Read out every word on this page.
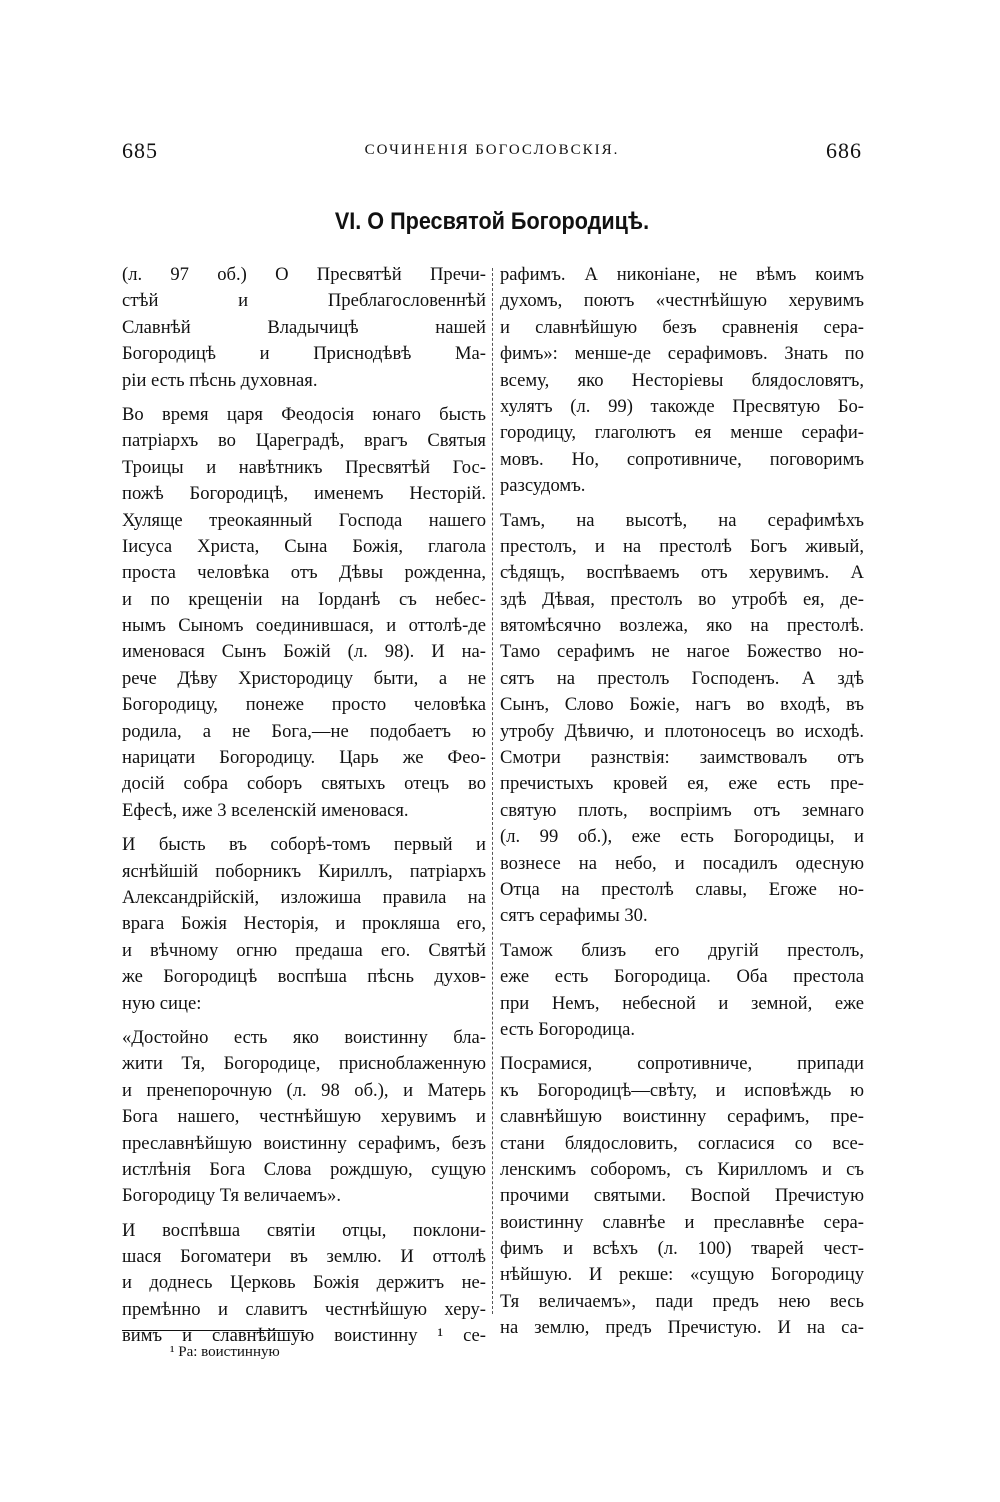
685	СОЧИНЕНІЯ БОГОСЛОВСКІЯ.	686
VI. О Пресвятой Богородицѣ.
(л. 97 об.) О Пресвятѣй Пречи-
стѣй и Преблагословеннѣй
Славнѣй Владычицѣ нашей
Богородицѣ и Приснодѣвѣ Ма-
ріи есть пѣснь духовная.
Во время царя Феодосія юнаго бысть
патріархъ во Цареградѣ, врагъ Святыя
Троицы и навѣтникъ Пресвятѣй Гос-
пожѣ Богородицѣ, именемъ Несторій.
Хуляще треокаянный Господа нашего
Іисуса Христа, Сына Божія, глагола
проста человѣка отъ Дѣвы рожденна,
и по крещеніи на Іорданѣ съ небес-
нымъ Сыномъ соединившася, и оттолѣ-де
именовася Сынъ Божій (л. 98). И на-
рече Дѣву Христородицу быти, а не
Богородицу, понеже просто человѣка
родила, а не Бога,—не подобаетъ ю
нарицати Богородицу. Царь же Фео-
досій собра соборъ святыхъ отецъ во
Ефесѣ, иже 3 вселенскій именовася.
И бысть въ соборѣ-томъ первый и
яснѣйшій поборникъ Кириллъ, патріархъ
Александрійскій, изложиша правила на
врага Божія Несторія, и прокляша его,
и вѣчному огню предаша его. Святѣй
же Богородицѣ воспѣша пѣснь духов-
ную сице:
«Достойно есть яко воистинну бла-
жити Тя, Богородице, присноблаженную
и пренепорочную (л. 98 об.), и Матерь
Бога нашего, честнѣйшую херувимъ и
преславнѣйшую воистинну серафимъ, безъ
истлѣнія Бога Слова рождшую, сущую
Богородицу Тя величаемъ».
И воспѣвша святіи отцы, поклони-
шася Богоматери въ землю. И оттолѣ
и доднесь Церковь Божія держитъ не-
премѣнно и славитъ честнѣйшую херу-
вимъ и славнѣйшую воистинну ¹ се-
рафимъ. А никоніане, не вѣмъ коимъ
духомъ, поютъ «честнѣйшую херувимъ
и славнѣйшую безъ сравненія сера-
фимъ»: менше-де серафимовъ. Знать по
всему, яко Несторіевы блядословятъ,
хулятъ (л. 99) такожде Пресвятую Бо-
городицу, глаголютъ ея менше серафи-
мовъ. Но, сопротивниче, поговоримъ
разсудомъ.
Тамъ, на высотѣ, на серафимѣхъ
престолъ, и на престолѣ Богъ живый,
сѣдящъ, воспѣваемъ отъ херувимъ. А
здѣ Дѣвая, престолъ во утробѣ ея, де-
вятомѣсячно возлежа, яко на престолѣ.
Тамо серафимъ не нагое Божество но-
сятъ на престолъ Господенъ. А здѣ
Сынъ, Слово Божіе, нагъ во входѣ, въ
утробу Дѣвичю, и плотоносецъ во исходѣ.
Смотри разнствія: заимствовалъ отъ
пречистыхъ кровей ея, еже есть пре-
святую плоть, воспріимъ отъ земнаго
(л. 99 об.), еже есть Богородицы, и
вознесе на небо, и посадилъ одесную
Отца на престолѣ славы, Егоже но-
сятъ серафимы 30.
Тамож близъ его другій престолъ,
еже есть Богородица. Оба престола
при Немъ, небесной и земной, еже
есть Богородица.
Посрамися, сопротивниче, припади
къ Богородицѣ—свѣту, и исповѣждь ю
славнѣйшую воистинну серафимъ, пре-
стани блядословить, согласися со все-
ленскимъ соборомъ, съ Кирилломъ и съ
прочими святыми. Воспой Пречистую
воистинну славнѣе и преславнѣе сера-
фимъ и всѣхъ (л. 100) тварей чест-
нѣйшую. И рекше: «сущую Богородицу
Тя величаемъ», пади предъ нею весь
на землю, предъ Пречистую. И на са-
¹ Ра: воистинную
